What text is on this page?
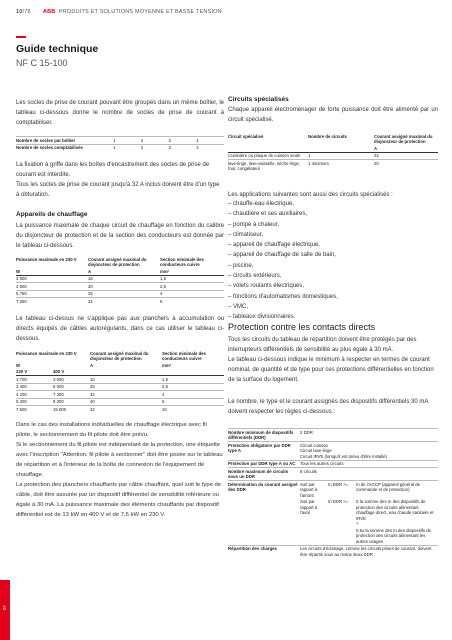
10/78 ABB PRODUITS ET SOLUTIONS MOYENNE ET BASSE TENSION
Guide technique
NF C 15-100
Les socles de prise de courant pouvant être groupés dans un même boîtier, le tableau ci-dessous donne le nombre de socles de prise de courant à comptabiliser.
Nombre de socles par boîtier	1	2	3	4
Nombre de socles comptabilisés	1	2	3	4
La fixation à griffe dans les boîtes d'encastrement des socles de prise de courant est interdite.
Tous les socles de prise de courant jusqu'à 32 A inclus doivent être d'un type à obturation.
Appareils de chauffage
La puissance maximale de chaque circuit de chauffage en fonction du calibre du disjoncteur de protection et de la section des conducteurs est donnée par le tableau ci-dessous.
Puissance maximale en 230 V	Courant assigné maximal du disjoncteur de protection	Section minimale des conducteurs cuivre
W	A	mm²
3 500	16	1,5
4 500	20	2,5
5 750	25	4
7 250	32	6
Le tableau ci-dessus ne s'applique pas aux planchers à accumulation ou directs équipés de câbles autorégulants, dans ce cas utiliser le tableau ci-dessous.
Puissance maximale en 230 V		Courant assigné maximal du disjoncteur de protection	Section minimale des conducteurs cuivre
W		A	mm²
230 V	400 V		
1 700	3 000	10	1,5
3 400	6 000	25	2,5
4 200	7 300	32	4
5 400	9 300	40	6
7 500	15 000	32	10
Dans le cas des installations individuelles de chauffage électrique avec fil pilote, le sectionnement du fil pilote doit être prévu.
Si le sectionnement du fil pilote est indépendant de la protection, une étiquette avec l'inscription "Attention. fil pilote à sectionner" doit être posée sur le tableau de répartition et à l'intérieur de la boîte de connexion de l'équipement de chauffage.
La protection des planchers chauffants par câble chauffant, quel soit le type de câble, doit être assurée par un dispositif différentiel de sensibilité inférieure ou égale à 30 mA. La puissance maximale des éléments chauffants par dispositif différentiel est de 13 kW en 400 V et de 7,5 kW en 230 V.
Circuits spécialisés
Chaque appareil électroménager de forte puissance doit être alimenté par un circuit spécialisé.
Circuit spécialisé	Nombre de circuits	Courant assigné maximal du disjoncteur de protection
		A
Cuisinière ou plaque de cuisson seule	1	32
lave-linge, lave-vaisselle, sèche-linge, four, congélateur	1 minimum	20
Les applications suivantes sont aussi des circuits spécialisés :
– chauffe-eau électrique,
– chaudière et ses auxiliaires,
– pompe à chaleur,
– climatiseur,
– appareil de chauffage électrique,
– appareil de chauffage de salle de bain,
– piscine,
– circuits extérieurs,
– volets roulants électriques,
– fonctions d'automatismes domestiques,
– VMC,
– tableaux divisionnaires.
Protection contre les contacts directs
Tous les circuits du tableau de répartition doivent être protégés par des interrupteurs différentiels de sensibilité au plus égale à 30 mA.
Le tableau ci-dessous indique le minimum à respecter en termes de courant nominal, de quantité et de type pour ces protections différentielles en fonction de la surface du logement.
Le nombre, le type et le courant assignés des dispositifs différentiels 30 mA doivent respecter les règles ci-dessous :
Nombre minimum de dispositifs différentiels (DDR)	2 DDR		
Protection obligatoire par DDR type A	Circuit cuisson
Circuit lave-linge
Circuit IRVE (lorsqu'il est prévu d'être installé)		

Protection par DDR type A ou AC	Tous les autres circuits		
Nombre maximum de circuits sous un DDR	8 circuits		
Détermination du courant assigné des DDR	Soit par rapport à l'amont	In DDR >=	In de l'AGCP (appareil général de commande et de protection)
	Soit par rapport à l'aval	In DDR >=	Σ la somme des In des dispositifs de protection des circuits alimentant chauffage direct, eau chaude sanitaire et IRVE
+

			0,5x la somme des In des dispositifs de protection des circuits alimentant les autres usages
Répartition des charges	Les circuits d'éclairage, comme les circuits prises de courant, doivent être répartis sous au moins deux DDR		
07
